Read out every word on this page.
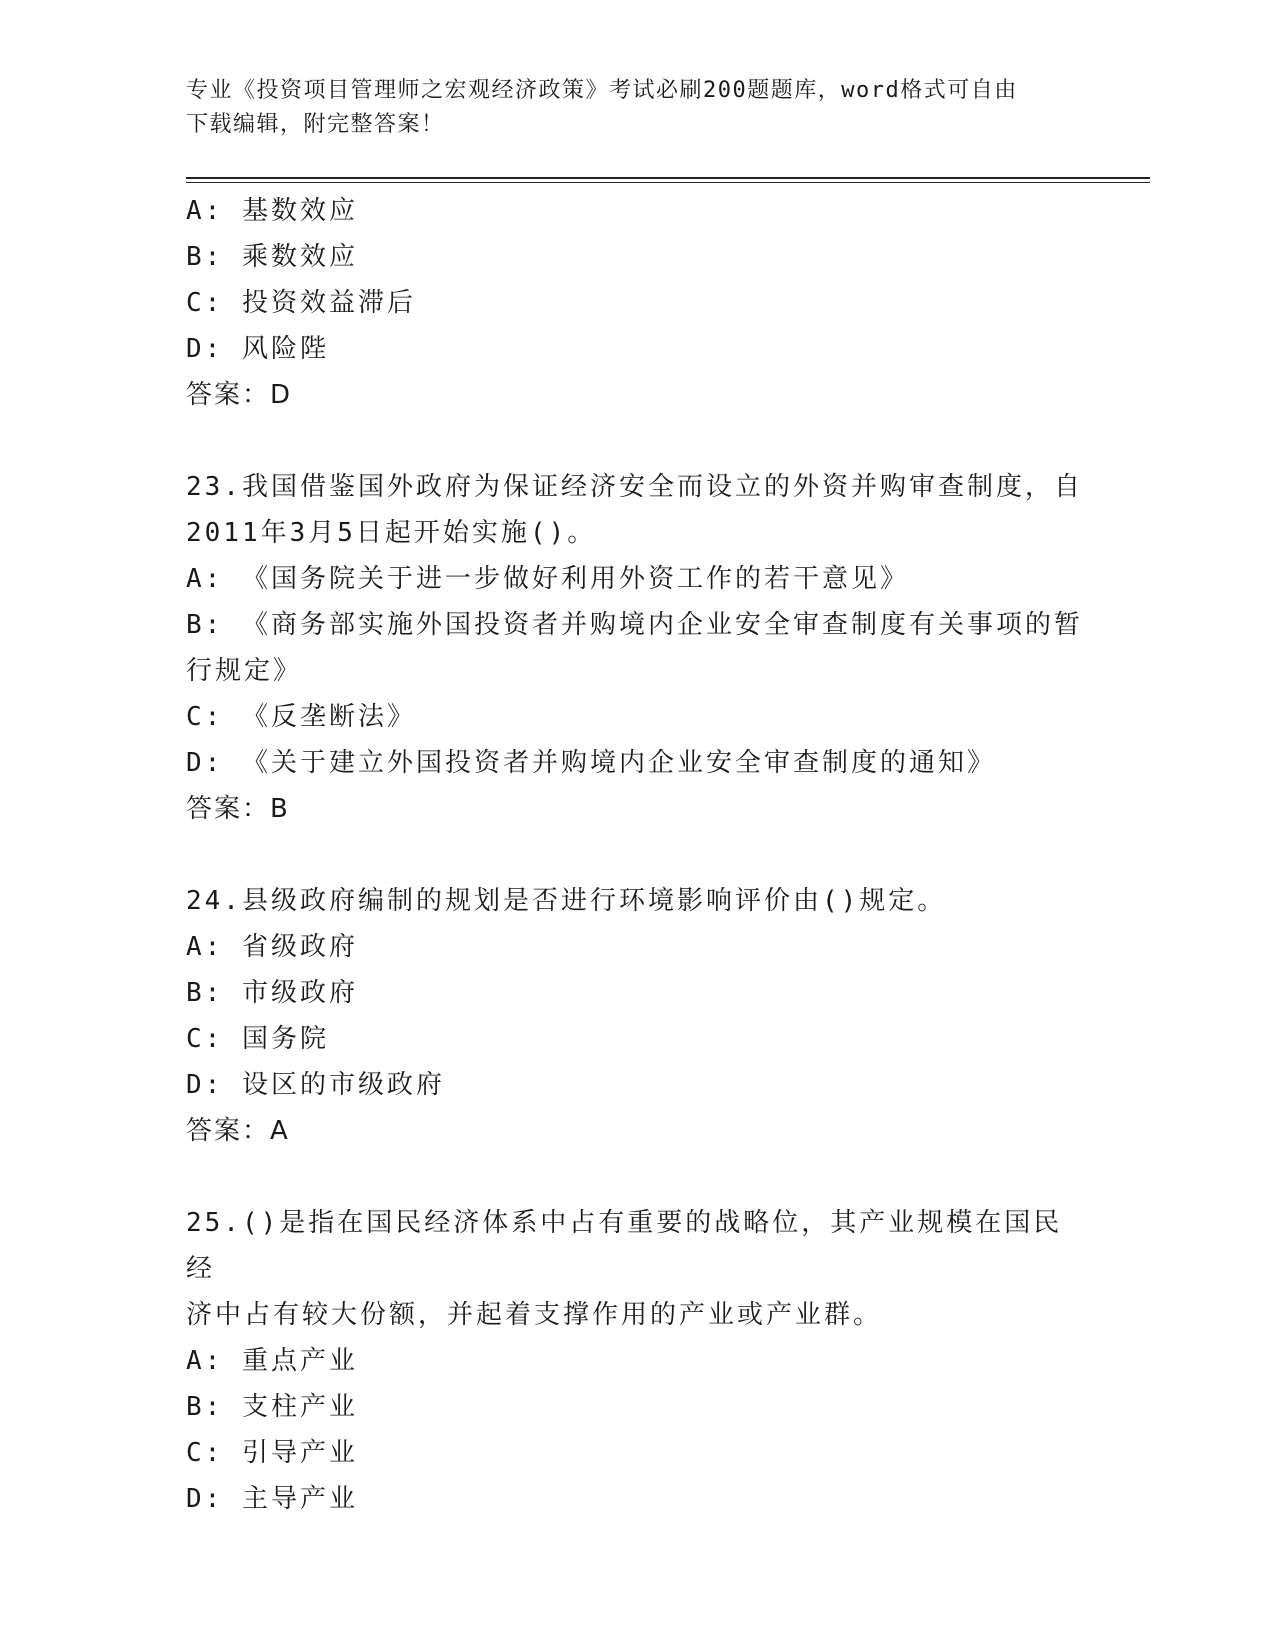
专业《投资项目管理师之宏观经济政策》考试必刷200题题库，word格式可自由
下载编辑，附完整答案！

A: 基数效应

B: 乘数效应

C: 投资效益滞后

D: 风险陛

答案：D

23.我国借鉴国外政府为保证经济安全而设立的外资并购审查制度，自

2011年3月5日起开始实施()。

A: 《国务院关于进一步做好利用外资工作的若干意见》

B: 《商务部实施外国投资者并购境内企业安全审查制度有关事项的暂

行规定》

C: 《反垄断法》

D: 《关于建立外国投资者并购境内企业安全审查制度的通知》

答案：B

24.县级政府编制的规划是否进行环境影响评价由()规定。

A: 省级政府

B: 市级政府

C: 国务院

D: 设区的市级政府

答案：A

25.()是指在国民经济体系中占有重要的战略位，其产业规模在国民经

济中占有较大份额，并起着支撑作用的产业或产业群。

A: 重点产业

B: 支柱产业

C: 引导产业

D: 主导产业
